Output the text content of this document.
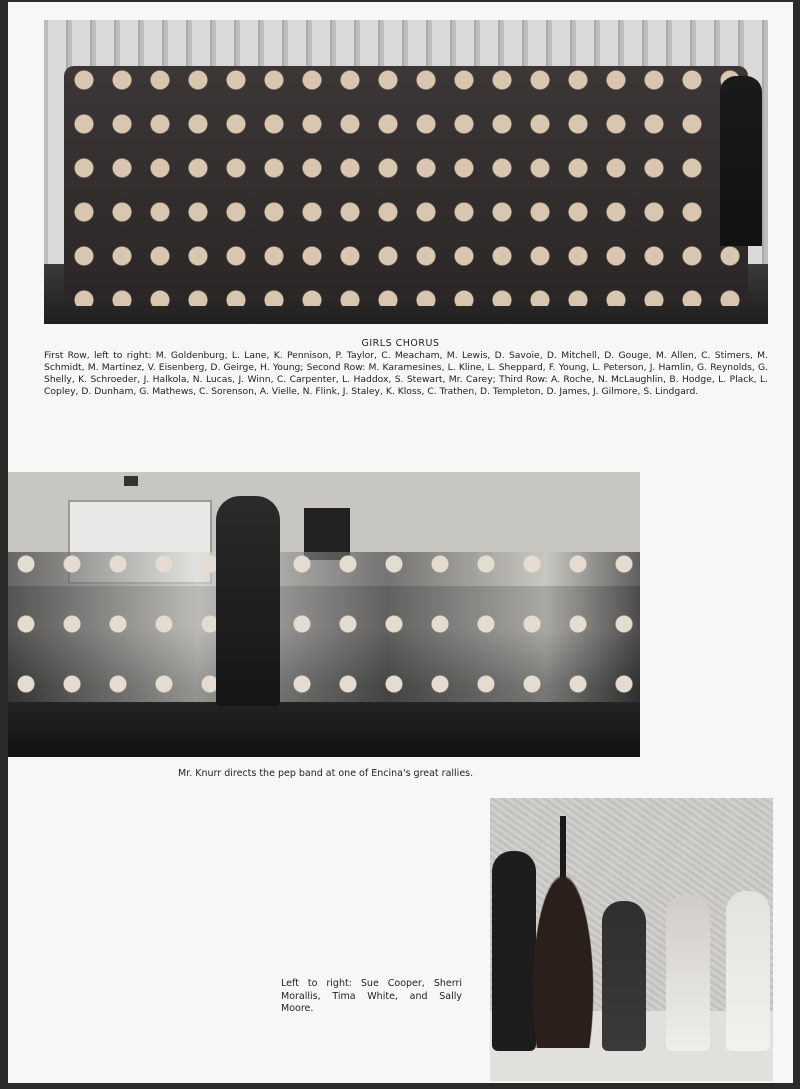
GIRLS CHORUS
First Row, left to right: M. Goldenburg, L. Lane, K. Pennison, P. Taylor, C. Meacham, M. Lewis, D. Savoie, D. Mitchell, D. Gouge, M. Allen, C. Stimers, M. Schmidt, M. Martinez, V. Eisenberg, D. Geirge, H. Young; Second Row: M. Karamesines, L. Kline, L. Sheppard, F. Young, L. Peterson, J. Hamlin, G. Reynolds, G. Shelly, K. Schroeder, J. Halkola, N. Lucas, J. Winn, C. Carpenter, L. Haddox, S. Stewart, Mr. Carey; Third Row: A. Roche, N. McLaughlin, B. Hodge, L. Plack, L. Copley, D. Dunham, G. Mathews, C. Sorenson, A. Vielle, N. Flink, J. Staley, K. Kloss, C. Trathen, D. Templeton, D. James, J. Gilmore, S. Lindgard.
Mr. Knurr directs the pep band at one of Encina's great rallies.
Left to right: Sue Cooper, Sherri Morallis, Tima White, and Sally Moore.
